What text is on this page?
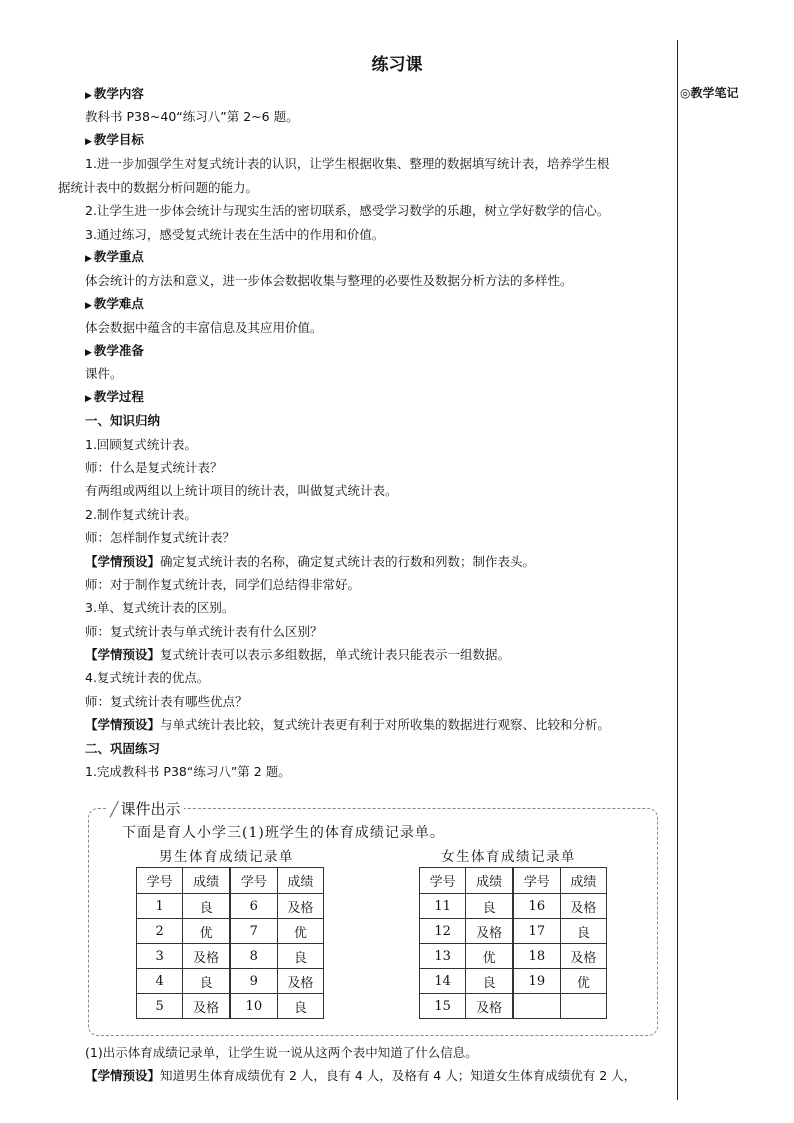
练习课
◎教学笔记
▶ 教学内容
教科书 P38~40“练习八”第 2~6 题。
▶ 教学目标
1.进一步加强学生对复式统计表的认识，让学生根据收集、整理的数据填写统计表，培养学生根
据统计表中的数据分析问题的能力。
2.让学生进一步体会统计与现实生活的密切联系，感受学习数学的乐趣，树立学好数学的信心。
3.通过练习，感受复式统计表在生活中的作用和价值。
▶ 教学重点
体会统计的方法和意义，进一步体会数据收集与整理的必要性及数据分析方法的多样性。
▶ 教学难点
体会数据中蕴含的丰富信息及其应用价值。
▶ 教学准备
课件。
▶ 教学过程
一、知识归纳
1.回顾复式统计表。
师：什么是复式统计表？
有两组或两组以上统计项目的统计表，叫做复式统计表。
2.制作复式统计表。
师：怎样制作复式统计表？
【学情预设】确定复式统计表的名称，确定复式统计表的行数和列数；制作表头。
师：对于制作复式统计表，同学们总结得非常好。
3.单、复式统计表的区别。
师：复式统计表与单式统计表有什么区别？
【学情预设】复式统计表可以表示多组数据，单式统计表只能表示一组数据。
4.复式统计表的优点。
师：复式统计表有哪些优点？
【学情预设】与单式统计表比较，复式统计表更有利于对所收集的数据进行观察、比较和分析。
二、巩固练习
1.完成教科书 P38“练习八”第 2 题。
╱ 课件出示
下面是育人小学三(1)班学生的体育成绩记录单。
男生体育成绩记录单	女生体育成绩记录单
学号	成绩	学号	成绩
1	良	6	及格
2	优	7	优
3	及格	8	良
4	良	9	及格
5	及格	10	良
学号	成绩	学号	成绩
11	良	16	及格
12	及格	17	良
13	优	18	及格
14	良	19	优
15	及格		
(1)出示体育成绩记录单，让学生说一说从这两个表中知道了什么信息。
【学情预设】知道男生体育成绩优有 2 人，良有 4 人，及格有 4 人；知道女生体育成绩优有 2 人，
